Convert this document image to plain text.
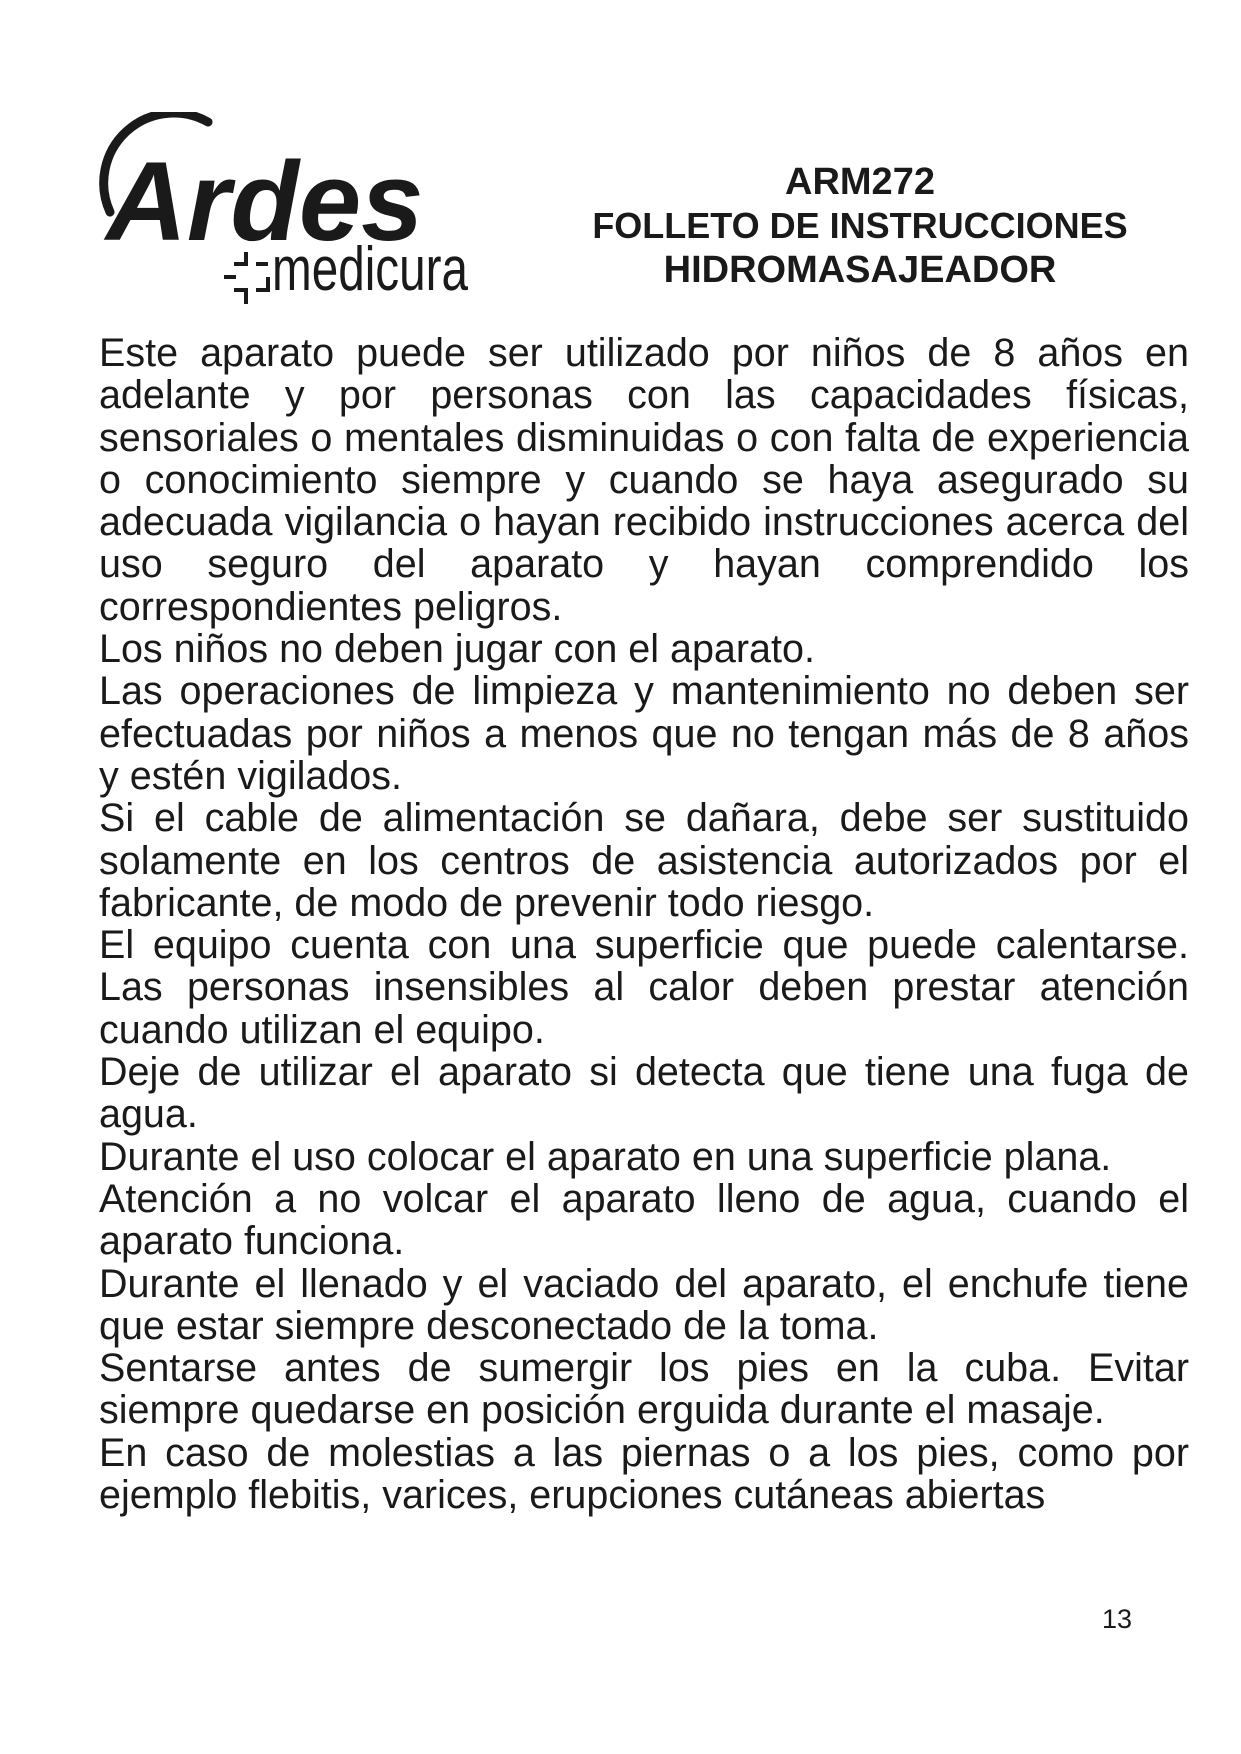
Ardes
medicura
ARM272
FOLLETO DE INSTRUCCIONES
HIDROMASAJEADOR

Este aparato puede ser utilizado por niños de 8 años en adelante y por personas con las capacidades físicas, sensoriales o mentales disminuidas o con falta de experiencia o conocimiento siempre y cuando se haya asegurado su adecuada vigilancia o hayan recibido instrucciones acerca del uso seguro del aparato y hayan comprendido los correspondientes peligros.

Los niños no deben jugar con el aparato.

Las operaciones de limpieza y mantenimiento no deben ser efectuadas por niños a menos que no tengan más de 8 años y estén vigilados.

Si el cable de alimentación se dañara, debe ser sustituido solamente en los centros de asistencia autorizados por el fabricante, de modo de prevenir todo riesgo.

El equipo cuenta con una superficie que puede calentarse. Las personas insensibles al calor deben prestar atención cuando utilizan el equipo.

Deje de utilizar el aparato si detecta que tiene una fuga de agua.

Durante el uso colocar el aparato en una superficie plana.

Atención a no volcar el aparato lleno de agua, cuando el aparato funciona.

Durante el llenado y el vaciado del aparato, el enchufe tiene que estar siempre desconectado de la toma.

Sentarse antes de sumergir los pies en la cuba. Evitar siempre quedarse en posición erguida durante el masaje.

En caso de molestias a las piernas o a los pies, como por ejemplo flebitis, varices, erupciones cutáneas abiertas

13
